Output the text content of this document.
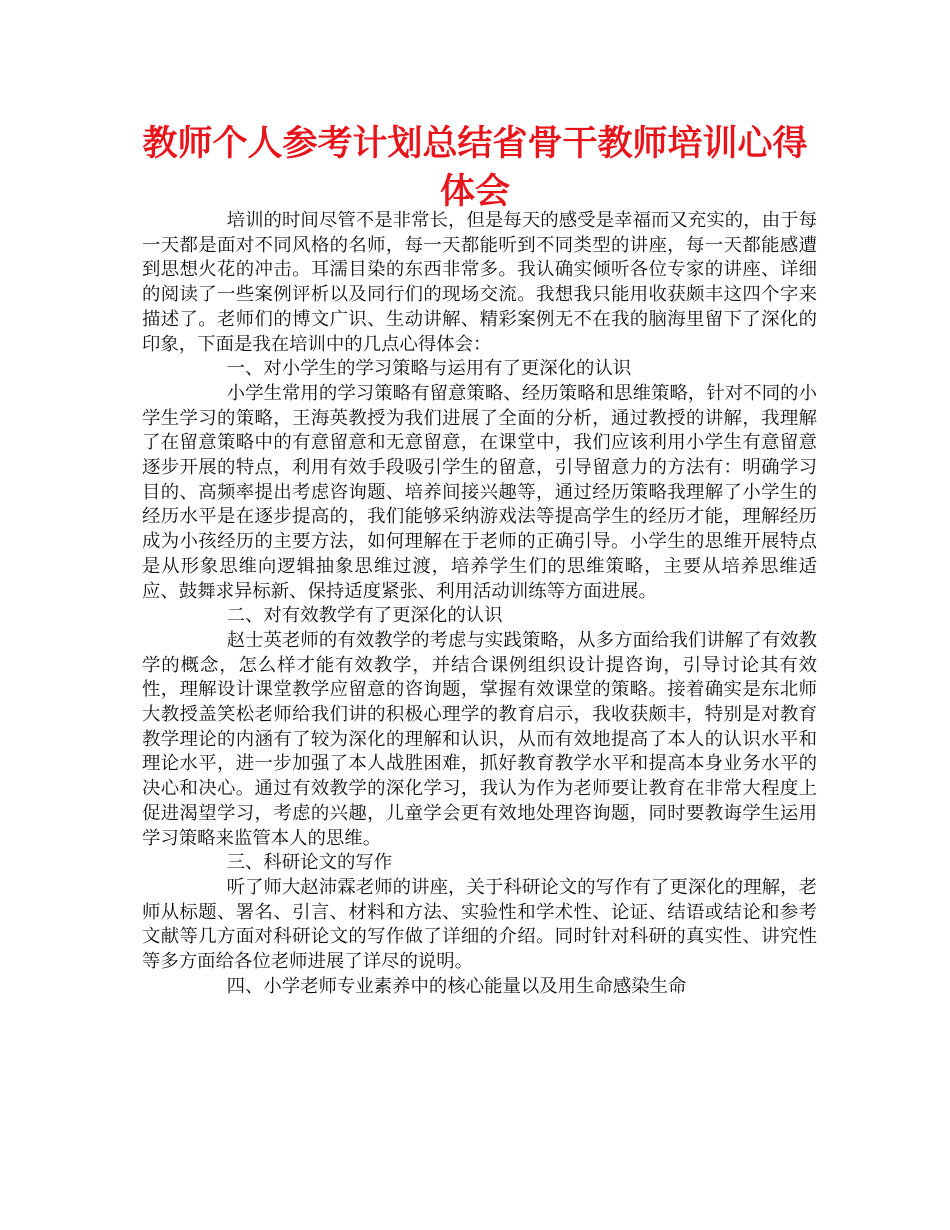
教师个人参考计划总结省骨干教师培训心得体会

培训的时间尽管不是非常长，但是每天的感受是幸福而又充实的，由于每一天都是面对不同风格的名师，每一天都能听到不同类型的讲座，每一天都能感遭到思想火花的冲击。耳濡目染的东西非常多。我认确实倾听各位专家的讲座、详细的阅读了一些案例评析以及同行们的现场交流。我想我只能用收获颇丰这四个字来描述了。老师们的博文广识、生动讲解、精彩案例无不在我的脑海里留下了深化的印象，下面是我在培训中的几点心得体会：

一、对小学生的学习策略与运用有了更深化的认识

小学生常用的学习策略有留意策略、经历策略和思维策略，针对不同的小学生学习的策略，王海英教授为我们进展了全面的分析，通过教授的讲解，我理解了在留意策略中的有意留意和无意留意，在课堂中，我们应该利用小学生有意留意逐步开展的特点，利用有效手段吸引学生的留意，引导留意力的方法有：明确学习目的、高频率提出考虑咨询题、培养间接兴趣等，通过经历策略我理解了小学生的经历水平是在逐步提高的，我们能够采纳游戏法等提高学生的经历才能，理解经历成为小孩经历的主要方法，如何理解在于老师的正确引导。小学生的思维开展特点是从形象思维向逻辑抽象思维过渡，培养学生们的思维策略，主要从培养思维适应、鼓舞求异标新、保持适度紧张、利用活动训练等方面进展。

二、对有效教学有了更深化的认识

赵士英老师的有效教学的考虑与实践策略，从多方面给我们讲解了有效教学的概念，怎么样才能有效教学，并结合课例组织设计提咨询，引导讨论其有效性，理解设计课堂教学应留意的咨询题，掌握有效课堂的策略。接着确实是东北师大教授盖笑松老师给我们讲的积极心理学的教育启示，我收获颇丰，特别是对教育教学理论的内涵有了较为深化的理解和认识，从而有效地提高了本人的认识水平和理论水平，进一步加强了本人战胜困难，抓好教育教学水平和提高本身业务水平的决心和决心。通过有效教学的深化学习，我认为作为老师要让教育在非常大程度上促进渴望学习，考虑的兴趣，儿童学会更有效地处理咨询题，同时要教诲学生运用学习策略来监管本人的思维。

三、科研论文的写作

听了师大赵沛霖老师的讲座，关于科研论文的写作有了更深化的理解，老师从标题、署名、引言、材料和方法、实验性和学术性、论证、结语或结论和参考文献等几方面对科研论文的写作做了详细的介绍。同时针对科研的真实性、讲究性等多方面给各位老师进展了详尽的说明。

四、小学老师专业素养中的核心能量以及用生命感染生命
